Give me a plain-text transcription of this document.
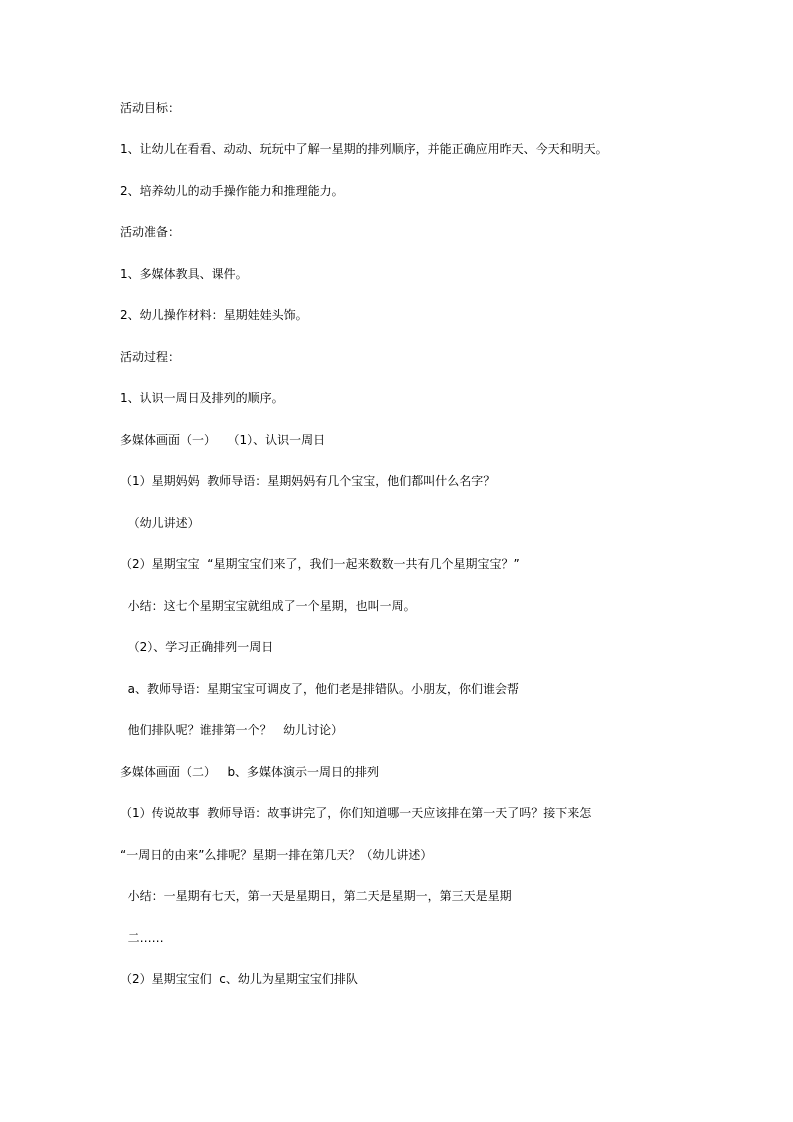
活动目标：
1、让幼儿在看看、动动、玩玩中了解一星期的排列顺序，并能正确应用昨天、今天和明天。
2、培养幼儿的动手操作能力和推理能力。
活动准备：
1、多媒体教具、课件。
2、幼儿操作材料：星期娃娃头饰。
活动过程：
1、认识一周日及排列的顺序。
多媒体画面（一）   （1）、认识一周日
（1）星期妈妈  教师导语：星期妈妈有几个宝宝，他们都叫什么名字？
（幼儿讲述）
（2）星期宝宝  “星期宝宝们来了，我们一起来数数一共有几个星期宝宝？”
小结：这七个星期宝宝就组成了一个星期，也叫一周。
（2）、学习正确排列一周日
a、教师导语：星期宝宝可调皮了，他们老是排错队。小朋友，你们谁会帮
他们排队呢？谁排第一个？   幼儿讨论）
多媒体画面（二）   b、多媒体演示一周日的排列
（1）传说故事  教师导语：故事讲完了，你们知道哪一天应该排在第一天了吗？接下来怎
“一周日的由来”么排呢？星期一排在第几天？（幼儿讲述）
小结：一星期有七天，第一天是星期日，第二天是星期一，第三天是星期
二……
（2）星期宝宝们  c、幼儿为星期宝宝们排队
